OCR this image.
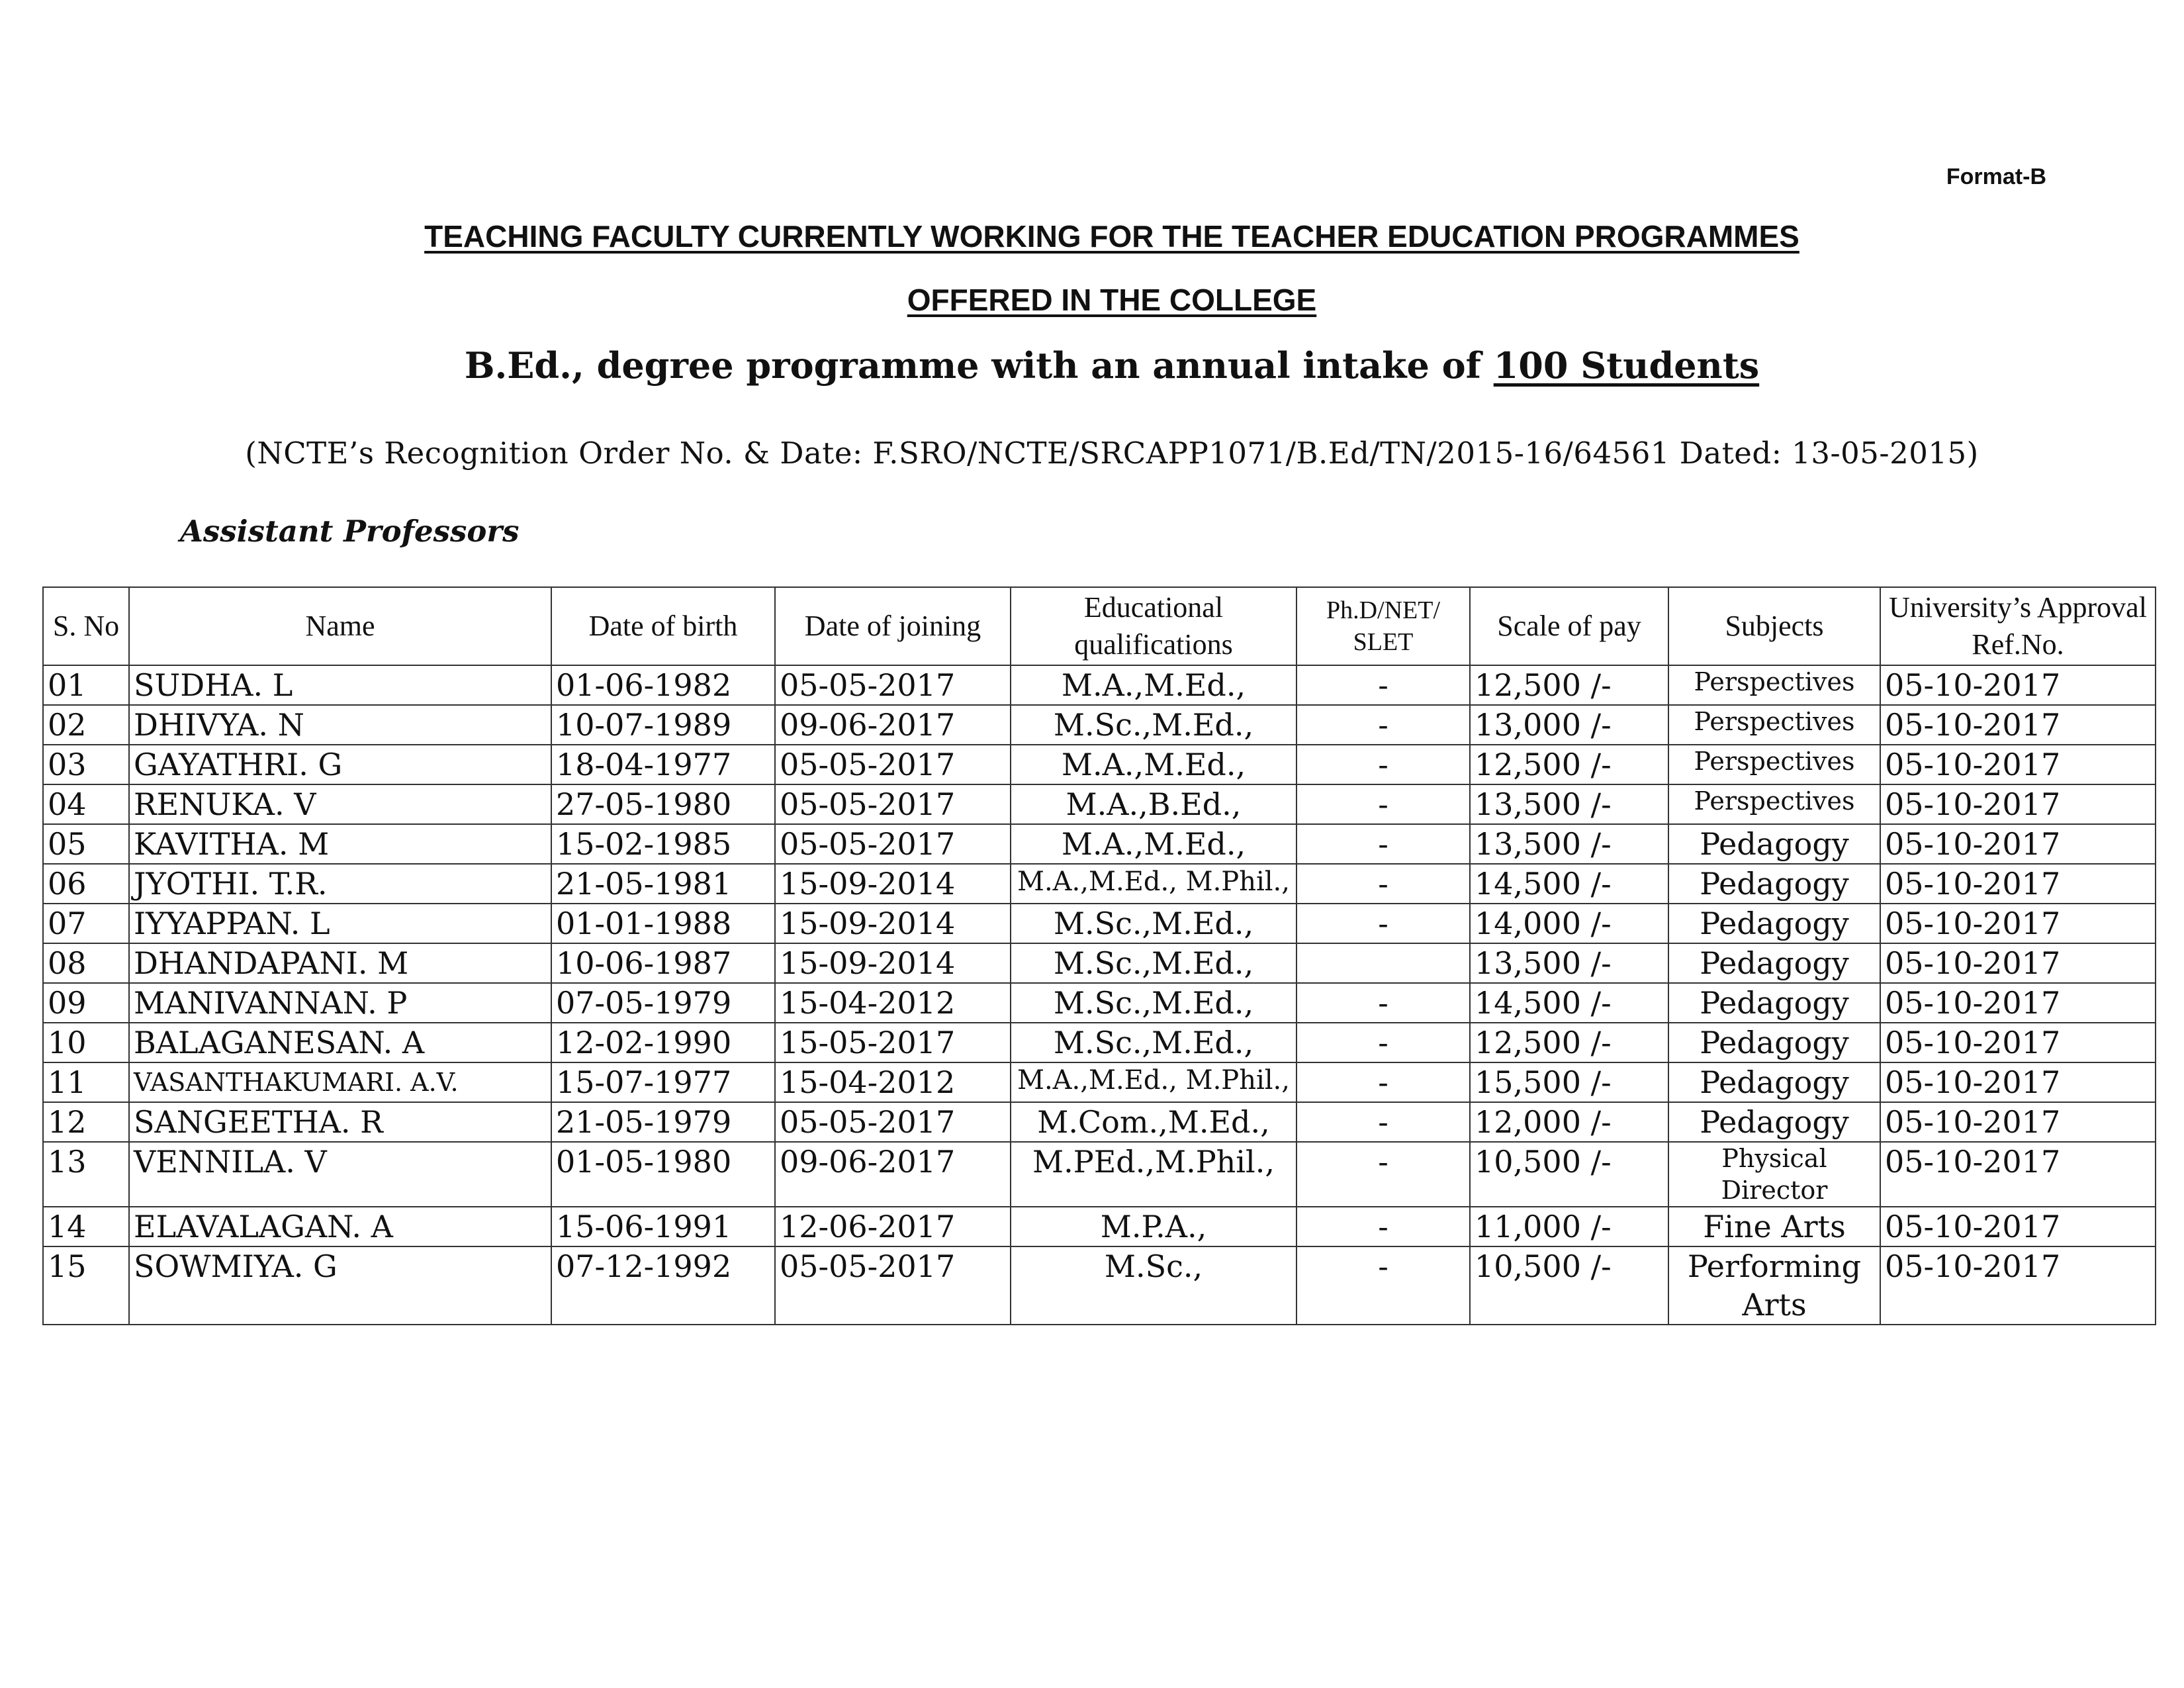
Format-B
TEACHING FACULTY CURRENTLY WORKING FOR THE TEACHER EDUCATION PROGRAMMES
OFFERED IN THE COLLEGE
B.Ed., degree programme with an annual intake of 100 Students
(NCTE’s Recognition Order No. & Date: F.SRO/NCTE/SRCAPP1071/B.Ed/TN/2015-16/64561 Dated: 13-05-2015)
Assistant Professors
S. No	Name	Date of birth	Date of joining	Educational qualifications	Ph.D/NET/ SLET	Scale of pay	Subjects	University’s Approval Ref.No.
01	SUDHA. L	01-06-1982	05-05-2017	M.A.,M.Ed.,	-	12,500 /-	Perspectives	05-10-2017
02	DHIVYA. N	10-07-1989	09-06-2017	M.Sc.,M.Ed.,	-	13,000 /-	Perspectives	05-10-2017
03	GAYATHRI. G	18-04-1977	05-05-2017	M.A.,M.Ed.,	-	12,500 /-	Perspectives	05-10-2017
04	RENUKA. V	27-05-1980	05-05-2017	M.A.,B.Ed.,	-	13,500 /-	Perspectives	05-10-2017
05	KAVITHA. M	15-02-1985	05-05-2017	M.A.,M.Ed.,	-	13,500 /-	Pedagogy	05-10-2017
06	JYOTHI. T.R.	21-05-1981	15-09-2014	M.A.,M.Ed., M.Phil.,	-	14,500 /-	Pedagogy	05-10-2017
07	IYYAPPAN. L	01-01-1988	15-09-2014	M.Sc.,M.Ed.,	-	14,000 /-	Pedagogy	05-10-2017
08	DHANDAPANI. M	10-06-1987	15-09-2014	M.Sc.,M.Ed.,		13,500 /-	Pedagogy	05-10-2017
09	MANIVANNAN. P	07-05-1979	15-04-2012	M.Sc.,M.Ed.,	-	14,500 /-	Pedagogy	05-10-2017
10	BALAGANESAN. A	12-02-1990	15-05-2017	M.Sc.,M.Ed.,	-	12,500 /-	Pedagogy	05-10-2017
11	VASANTHAKUMARI. A.V.	15-07-1977	15-04-2012	M.A.,M.Ed., M.Phil.,	-	15,500 /-	Pedagogy	05-10-2017
12	SANGEETHA. R	21-05-1979	05-05-2017	M.Com.,M.Ed.,	-	12,000 /-	Pedagogy	05-10-2017
13	VENNILA. V	01-05-1980	09-06-2017	M.PEd.,M.Phil.,	-	10,500 /-	Physical Director	05-10-2017
14	ELAVALAGAN. A	15-06-1991	12-06-2017	M.P.A.,	-	11,000 /-	Fine Arts	05-10-2017
15	SOWMIYA. G	07-12-1992	05-05-2017	M.Sc.,	-	10,500 /-	Performing Arts	05-10-2017
